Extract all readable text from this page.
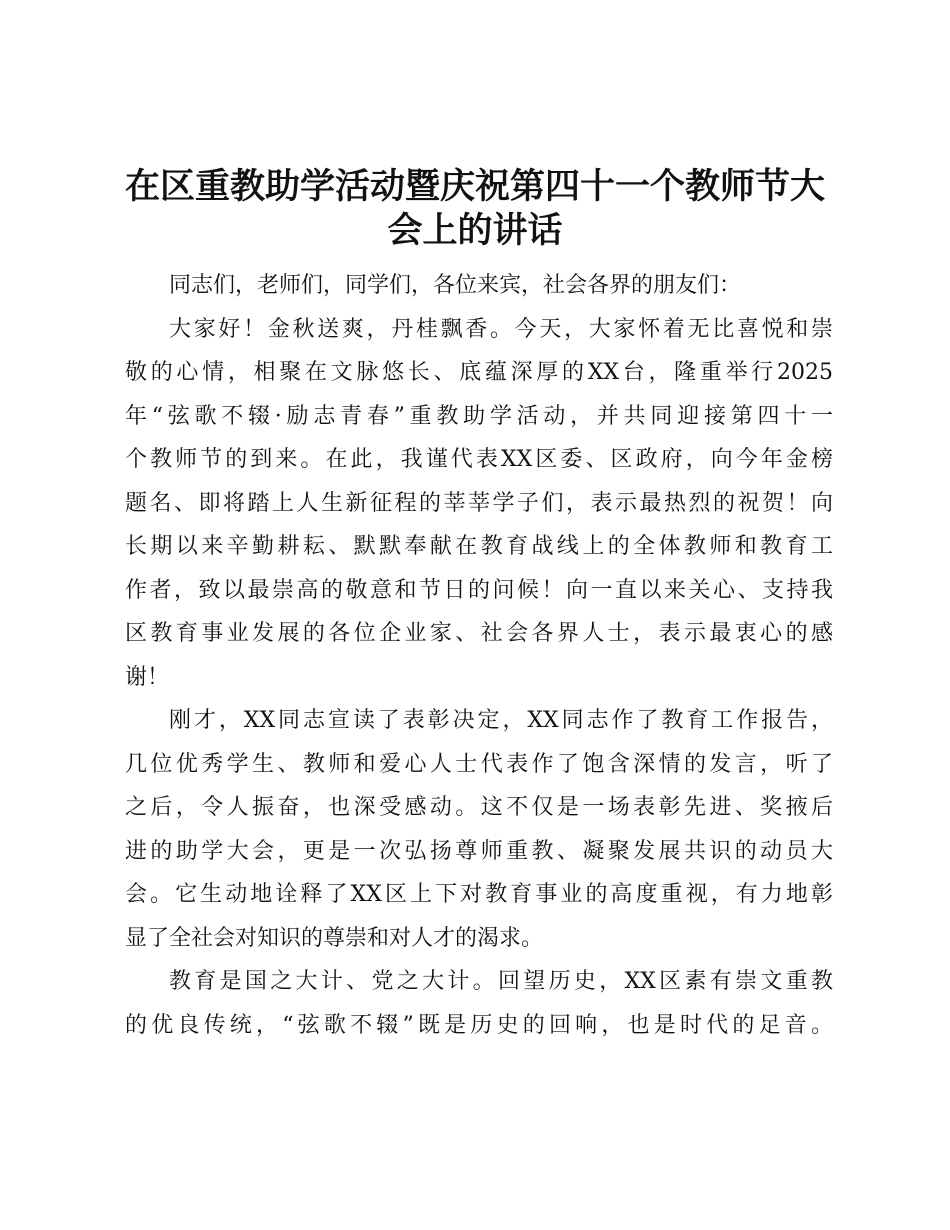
在区重教助学活动暨庆祝第四十一个教师节大
会上的讲话
同志们，老师们，同学们，各位来宾，社会各界的朋友们：
大家好！金秋送爽，丹桂飘香。今天，大家怀着无比喜悦和崇
敬的心情，相聚在文脉悠长、底蕴深厚的XX台，隆重举行2025
年“弦歌不辍·励志青春”重教助学活动，并共同迎接第四十一
个教师节的到来。在此，我谨代表XX区委、区政府，向今年金榜
题名、即将踏上人生新征程的莘莘学子们，表示最热烈的祝贺！向
长期以来辛勤耕耘、默默奉献在教育战线上的全体教师和教育工
作者，致以最崇高的敬意和节日的问候！向一直以来关心、支持我
区教育事业发展的各位企业家、社会各界人士，表示最衷心的感
谢！
刚才，XX同志宣读了表彰决定，XX同志作了教育工作报告，
几位优秀学生、教师和爱心人士代表作了饱含深情的发言，听了
之后，令人振奋，也深受感动。这不仅是一场表彰先进、奖掖后
进的助学大会，更是一次弘扬尊师重教、凝聚发展共识的动员大
会。它生动地诠释了XX区上下对教育事业的高度重视，有力地彰
显了全社会对知识的尊崇和对人才的渴求。
教育是国之大计、党之大计。回望历史，XX区素有崇文重教
的优良传统，“弦歌不辍”既是历史的回响，也是时代的足音。
